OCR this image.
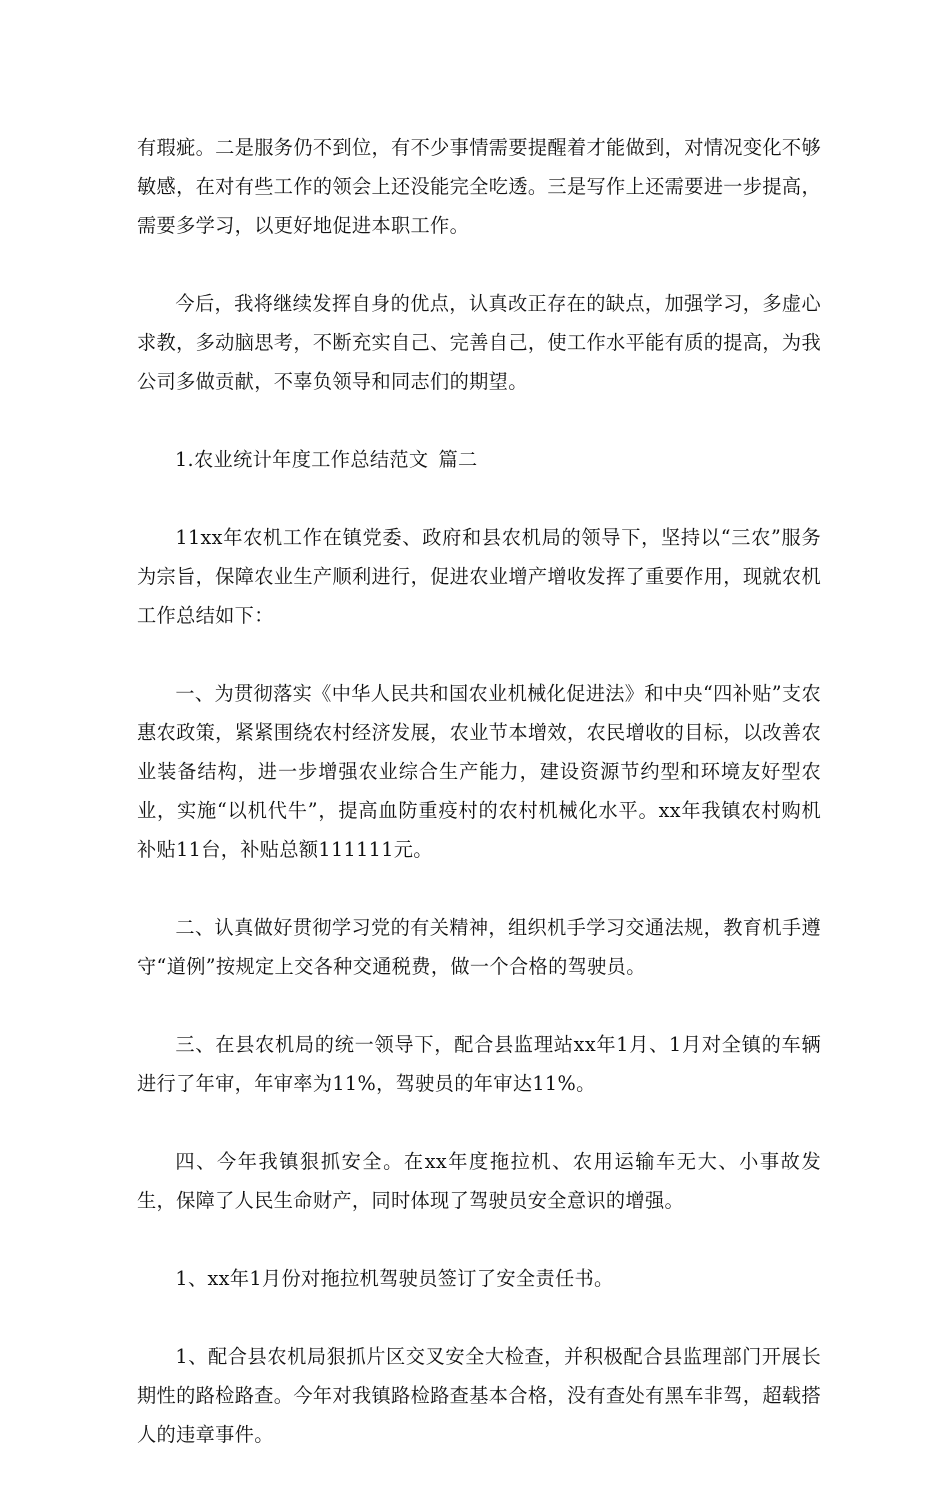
有瑕疵。二是服务仍不到位，有不少事情需要提醒着才能做到，对情况变化不够敏感，在对有些工作的领会上还没能完全吃透。三是写作上还需要进一步提高，需要多学习，以更好地促进本职工作。

今后，我将继续发挥自身的优点，认真改正存在的缺点，加强学习，多虚心求教，多动脑思考，不断充实自己、完善自己，使工作水平能有质的提高，为我公司多做贡献，不辜负领导和同志们的期望。

1.农业统计年度工作总结范文 篇二

11xx年农机工作在镇党委、政府和县农机局的领导下，坚持以“三农”服务为宗旨，保障农业生产顺利进行，促进农业增产增收发挥了重要作用，现就农机工作总结如下：

一、为贯彻落实《中华人民共和国农业机械化促进法》和中央“四补贴”支农惠农政策，紧紧围绕农村经济发展，农业节本增效，农民增收的目标，以改善农业装备结构，进一步增强农业综合生产能力，建设资源节约型和环境友好型农业，实施“以机代牛”，提高血防重疫村的农村机械化水平。xx年我镇农村购机补贴11台，补贴总额111111元。

二、认真做好贯彻学习党的有关精神，组织机手学习交通法规，教育机手遵守“道例”按规定上交各种交通税费，做一个合格的驾驶员。

三、在县农机局的统一领导下，配合县监理站xx年1月、1月对全镇的车辆进行了年审，年审率为11%，驾驶员的年审达11%。

四、今年我镇狠抓安全。在xx年度拖拉机、农用运输车无大、小事故发生，保障了人民生命财产，同时体现了驾驶员安全意识的增强。

1、xx年1月份对拖拉机驾驶员签订了安全责任书。

1、配合县农机局狠抓片区交叉安全大检查，并积极配合县监理部门开展长期性的路检路查。今年对我镇路检路查基本合格，没有查处有黑车非驾，超载搭人的违章事件。
